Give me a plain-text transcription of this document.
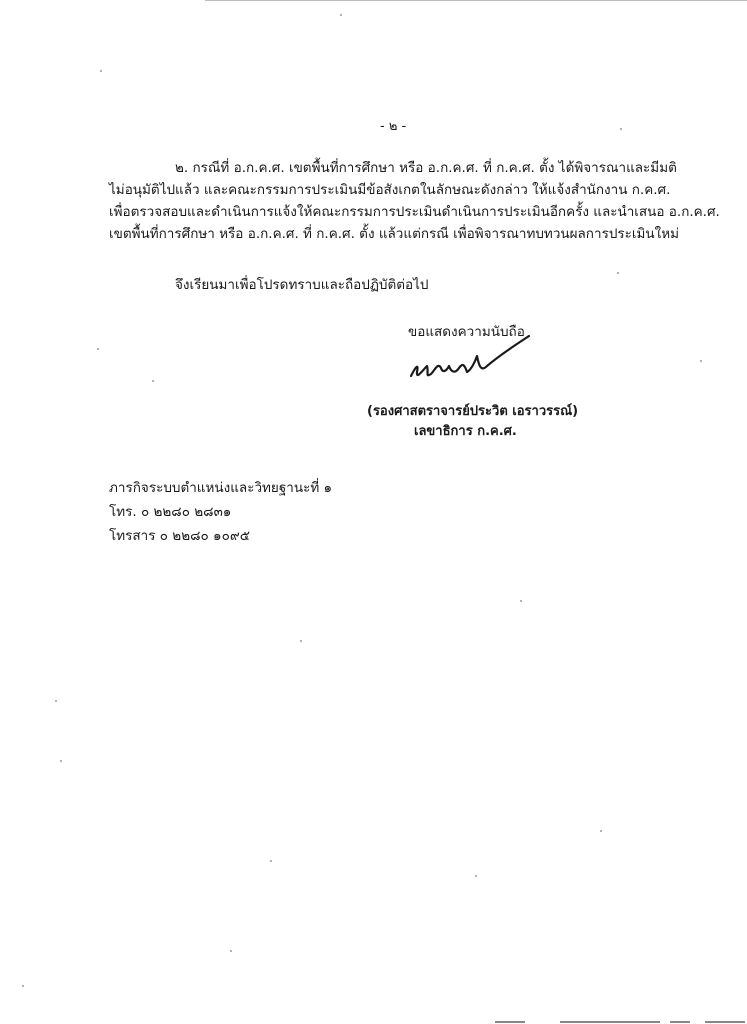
- ๒ -
๒. กรณีที่ อ.ก.ค.ศ. เขตพื้นที่การศึกษา หรือ อ.ก.ค.ศ. ที่ ก.ค.ศ. ตั้ง ได้พิจารณาและมีมติ
ไม่อนุมัติไปแล้ว และคณะกรรมการประเมินมีข้อสังเกตในลักษณะดังกล่าว ให้แจ้งสำนักงาน ก.ค.ศ.
เพื่อตรวจสอบและดำเนินการแจ้งให้คณะกรรมการประเมินดำเนินการประเมินอีกครั้ง และนำเสนอ อ.ก.ค.ศ.
เขตพื้นที่การศึกษา หรือ อ.ก.ค.ศ. ที่ ก.ค.ศ. ตั้ง แล้วแต่กรณี เพื่อพิจารณาทบทวนผลการประเมินใหม่
จึงเรียนมาเพื่อโปรดทราบและถือปฏิบัติต่อไป
ขอแสดงความนับถือ
(รองศาสตราจารย์ประวิต เอราวรรณ์)
เลขาธิการ ก.ค.ศ.
ภารกิจระบบตำแหน่งและวิทยฐานะที่ ๑
โทร. ๐ ๒๒๘๐ ๒๘๓๑
โทรสาร ๐ ๒๒๘๐ ๑๐๙๕
